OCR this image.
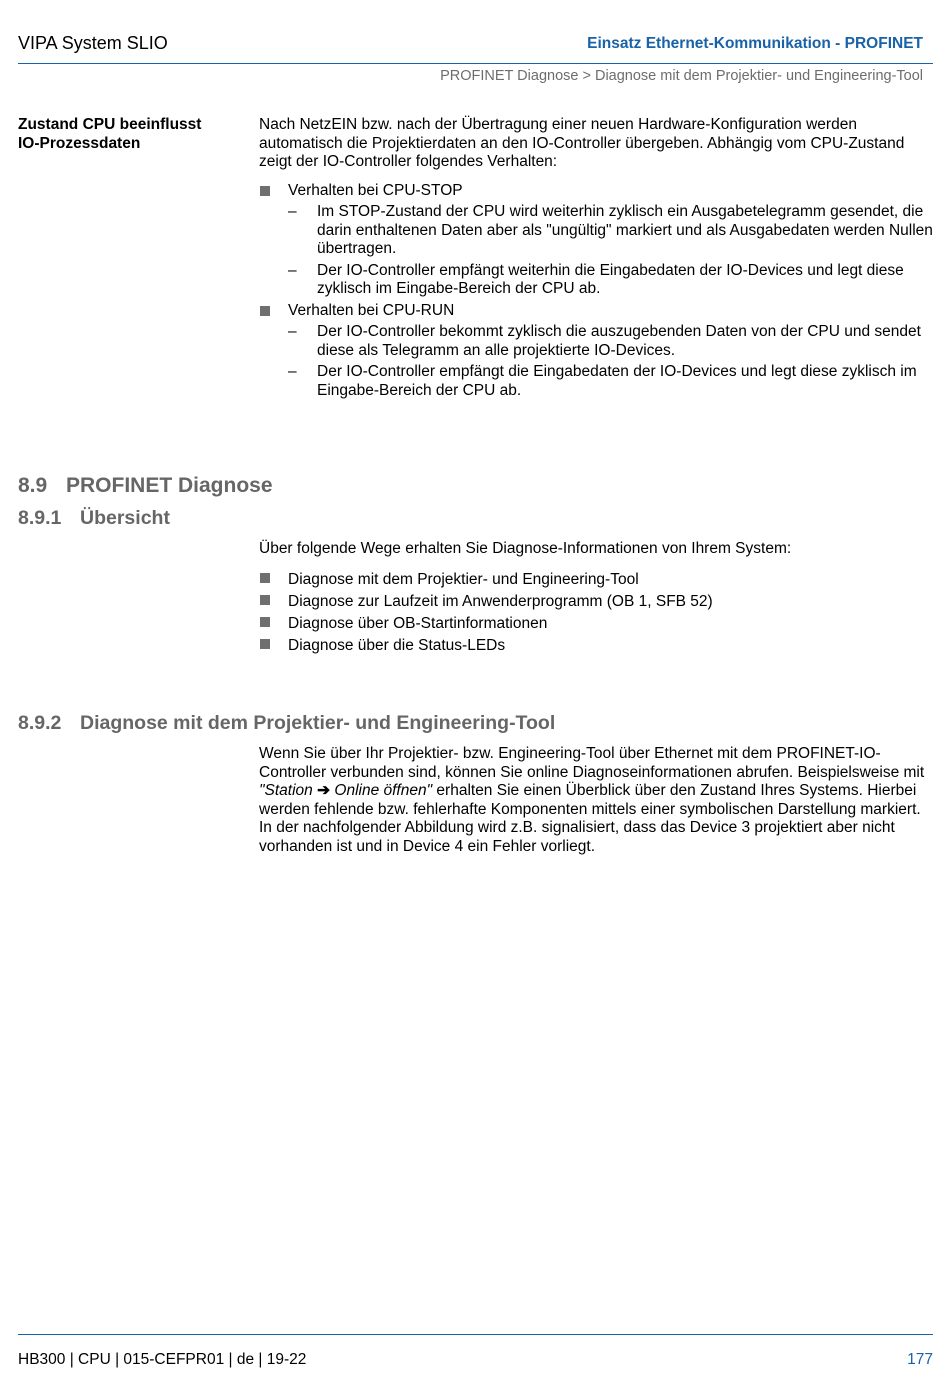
VIPA System SLIO	Einsatz Ethernet-Kommunikation - PROFINET
PROFINET Diagnose > Diagnose mit dem Projektier- und Engineering-Tool
Zustand CPU beeinflusst
IO-Prozessdaten

Nach NetzEIN bzw. nach der Übertragung einer neuen Hardware-Konfiguration werden automatisch die Projektierdaten an den IO-Controller übergeben. Abhängig vom CPU-Zustand zeigt der IO-Controller folgendes Verhalten:

Verhalten bei CPU-STOP
– Im STOP-Zustand der CPU wird weiterhin zyklisch ein Ausgabetelegramm gesendet, die darin enthaltenen Daten aber als "ungültig" markiert und als Ausgabedaten werden Nullen übertragen.
– Der IO-Controller empfängt weiterhin die Eingabedaten der IO-Devices und legt diese zyklisch im Eingabe-Bereich der CPU ab.
Verhalten bei CPU-RUN
– Der IO-Controller bekommt zyklisch die auszugebenden Daten von der CPU und sendet diese als Telegramm an alle projektierte IO-Devices.
– Der IO-Controller empfängt die Eingabedaten der IO-Devices und legt diese zyklisch im Eingabe-Bereich der CPU ab.
8.9 PROFINET Diagnose
8.9.1 Übersicht

Über folgende Wege erhalten Sie Diagnose-Informationen von Ihrem System:

Diagnose mit dem Projektier- und Engineering-Tool
Diagnose zur Laufzeit im Anwenderprogramm (OB 1, SFB 52)
Diagnose über OB-Startinformationen
Diagnose über die Status-LEDs
8.9.2 Diagnose mit dem Projektier- und Engineering-Tool

Wenn Sie über Ihr Projektier- bzw. Engineering-Tool über Ethernet mit dem PROFINET-IO-Controller verbunden sind, können Sie online Diagnoseinformationen abrufen. Beispielsweise mit "Station ➔ Online öffnen" erhalten Sie einen Überblick über den Zustand Ihres Systems. Hierbei werden fehlende bzw. fehlerhafte Komponenten mittels einer symbolischen Darstellung markiert. In der nachfolgender Abbildung wird z.B. signalisiert, dass das Device 3 projektiert aber nicht vorhanden ist und in Device 4 ein Fehler vorliegt.

HB300 | CPU | 015-CEFPR01 | de | 19-22	177
